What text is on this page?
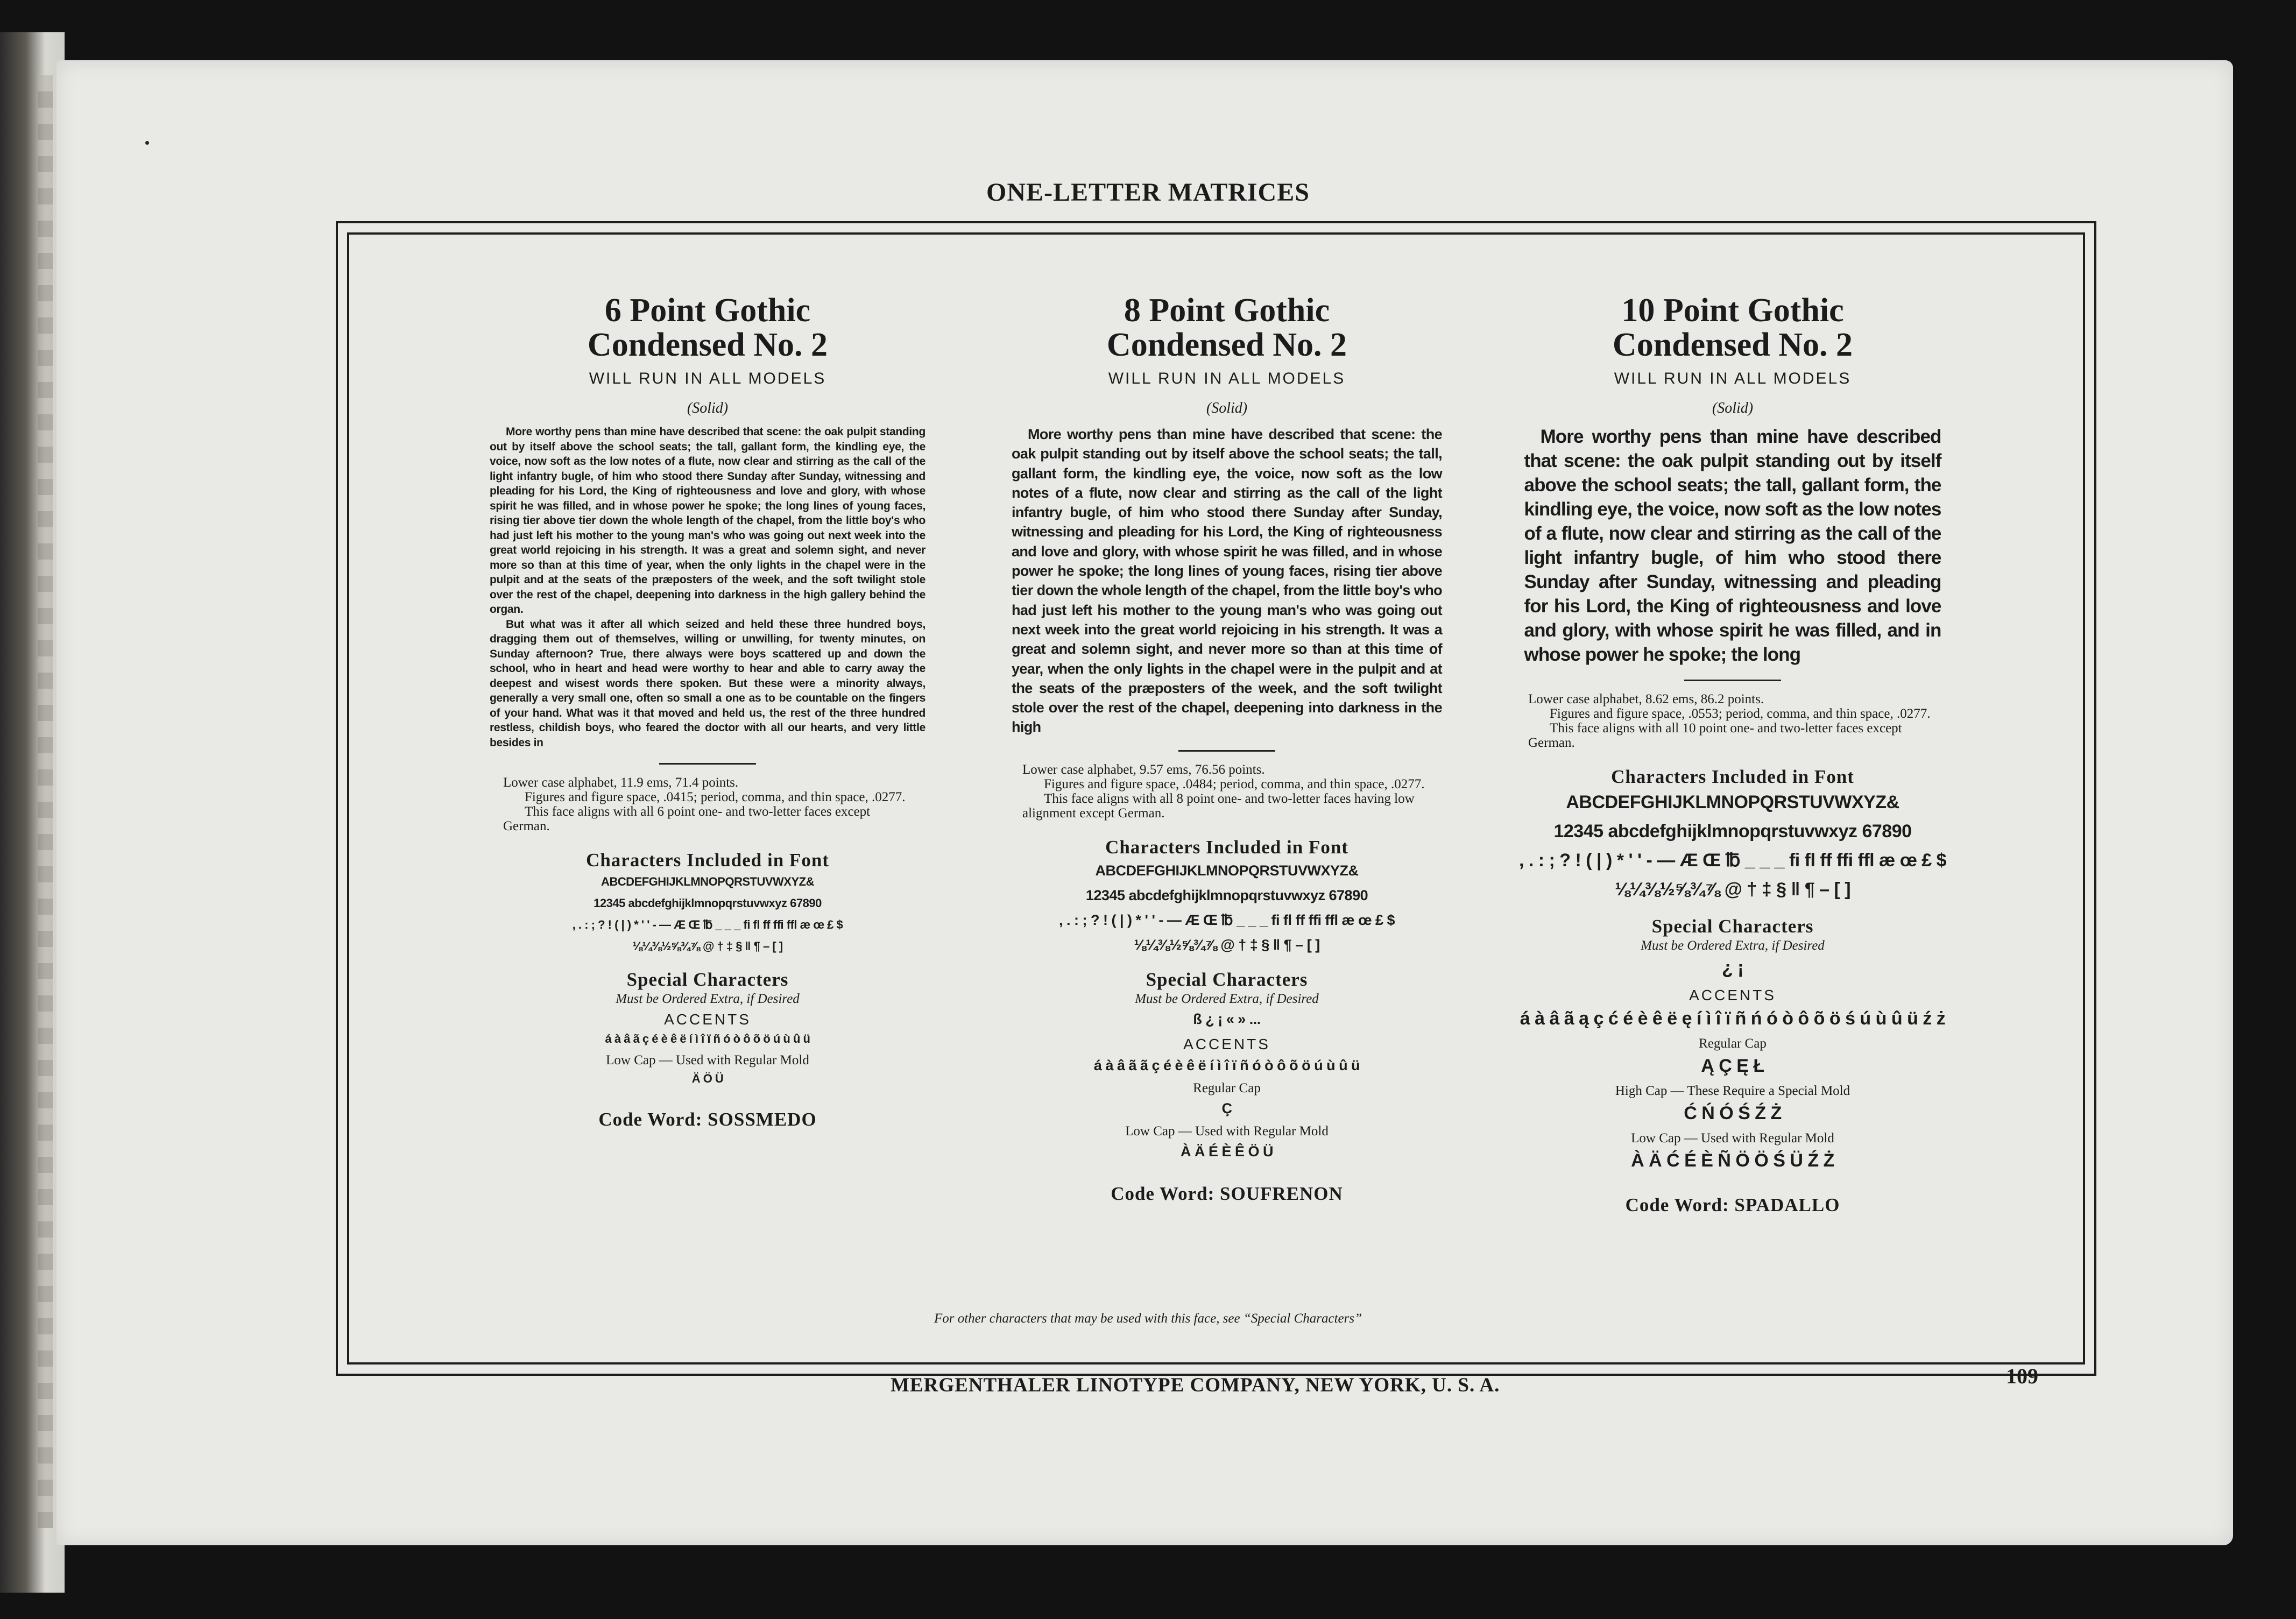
ONE-LETTER MATRICES
6 Point Gothic
Condensed No. 2
WILL RUN IN ALL MODELS
(Solid)

More worthy pens than mine have described that scene: the oak pulpit standing out by itself above the school seats; the tall, gallant form, the kindling eye, the voice, now soft as the low notes of a flute, now clear and stirring as the call of the light infantry bugle, of him who stood there Sunday after Sunday, witnessing and pleading for his Lord, the King of righteousness and love and glory, with whose spirit he was filled, and in whose power he spoke; the long lines of young faces, rising tier above tier down the whole length of the chapel, from the little boy's who had just left his mother to the young man's who was going out next week into the great world rejoicing in his strength. It was a great and solemn sight, and never more so than at this time of year, when the only lights in the chapel were in the pulpit and at the seats of the præposters of the week, and the soft twilight stole over the rest of the chapel, deepening into darkness in the high gallery behind the organ.

But what was it after all which seized and held these three hundred boys, dragging them out of themselves, willing or unwilling, for twenty minutes, on Sunday afternoon? True, there always were boys scattered up and down the school, who in heart and head were worthy to hear and able to carry away the deepest and wisest words there spoken. But these were a minority always, generally a very small one, often so small a one as to be countable on the fingers of your hand. What was it that moved and held us, the rest of the three hundred restless, childish boys, who feared the doctor with all our hearts, and very little besides in

Lower case alphabet, 11.9 ems, 71.4 points.

Figures and figure space, .0415; period, comma, and thin space, .0277.

This face aligns with all 6 point one- and two-letter faces except German.

Characters Included in Font
ABCDEFGHIJKLMNOPQRSTUVWXYZ&
12345 abcdefghijklmnopqrstuvwxyz 67890
, . : ; ? ! ( | ) * ' ' - — Æ Œ ℔ _ _ _ fi fl ff ffi ffl æ œ £ $
⅛¼⅜½⅝¾⅞ @ † ‡ § ‖ ¶ – [ ]
Special Characters
Must be Ordered Extra, if Desired
ACCENTS
á à â ã ç é è ê ë í ì î ï ñ ó ò ô õ ö ú ù û ü
Low Cap — Used with Regular Mold
Ä Ö Ü
Code Word: SOSSMEDO
8 Point Gothic
Condensed No. 2
WILL RUN IN ALL MODELS
(Solid)

More worthy pens than mine have described that scene: the oak pulpit standing out by itself above the school seats; the tall, gallant form, the kindling eye, the voice, now soft as the low notes of a flute, now clear and stirring as the call of the light infantry bugle, of him who stood there Sunday after Sunday, witnessing and pleading for his Lord, the King of righteousness and love and glory, with whose spirit he was filled, and in whose power he spoke; the long lines of young faces, rising tier above tier down the whole length of the chapel, from the little boy's who had just left his mother to the young man's who was going out next week into the great world rejoicing in his strength. It was a great and solemn sight, and never more so than at this time of year, when the only lights in the chapel were in the pulpit and at the seats of the præposters of the week, and the soft twilight stole over the rest of the chapel, deepening into darkness in the high

Lower case alphabet, 9.57 ems, 76.56 points.

Figures and figure space, .0484; period, comma, and thin space, .0277.

This face aligns with all 8 point one- and two-letter faces having low alignment except German.

Characters Included in Font
ABCDEFGHIJKLMNOPQRSTUVWXYZ&
12345 abcdefghijklmnopqrstuvwxyz 67890
, . : ; ? ! ( | ) * ' ' - — Æ Œ ℔ _ _ _ fi fl ff ffi ffl æ œ £ $
⅛¼⅜½⅝¾⅞ @ † ‡ § ‖ ¶ – [ ]
Special Characters
Must be Ordered Extra, if Desired
ß ¿ ¡ « » ...
ACCENTS
á à â ã ã ç é è ê ë í ì î ï ñ ó ò ô õ ö ú ù û ü
Regular Cap
Ç
Low Cap — Used with Regular Mold
À Ä É È Ê Ö Ü
Code Word: SOUFRENON
10 Point Gothic
Condensed No. 2
WILL RUN IN ALL MODELS
(Solid)

More worthy pens than mine have described that scene: the oak pulpit standing out by itself above the school seats; the tall, gallant form, the kindling eye, the voice, now soft as the low notes of a flute, now clear and stirring as the call of the light infantry bugle, of him who stood there Sunday after Sunday, witnessing and pleading for his Lord, the King of righteousness and love and glory, with whose spirit he was filled, and in whose power he spoke; the long

Lower case alphabet, 8.62 ems, 86.2 points.

Figures and figure space, .0553; period, comma, and thin space, .0277.

This face aligns with all 10 point one- and two-letter faces except German.

Characters Included in Font
ABCDEFGHIJKLMNOPQRSTUVWXYZ&
12345 abcdefghijklmnopqrstuvwxyz 67890
, . : ; ? ! ( | ) * ' ' - — Æ Œ ℔ _ _ _ fi fl ff ffi ffl æ œ £ $
⅛¼⅜½⅝¾⅞ @ † ‡ § ‖ ¶ – [ ]
Special Characters
Must be Ordered Extra, if Desired
¿ ¡
ACCENTS
á à â ã ą ç ć é è ê ë ę í ì î ï ñ ń ó ò ô õ ö ś ú ù û ü ź ż
Regular Cap
Ą Ç Ę Ł
High Cap — These Require a Special Mold
Ć Ń Ó Ś Ź Ż
Low Cap — Used with Regular Mold
À Ä Ć É È Ñ Ö Ö Ś Ü Ź Ż
Code Word: SPADALLO
For other characters that may be used with this face, see “Special Characters”
MERGENTHALER LINOTYPE COMPANY, NEW YORK, U. S. A.	109
